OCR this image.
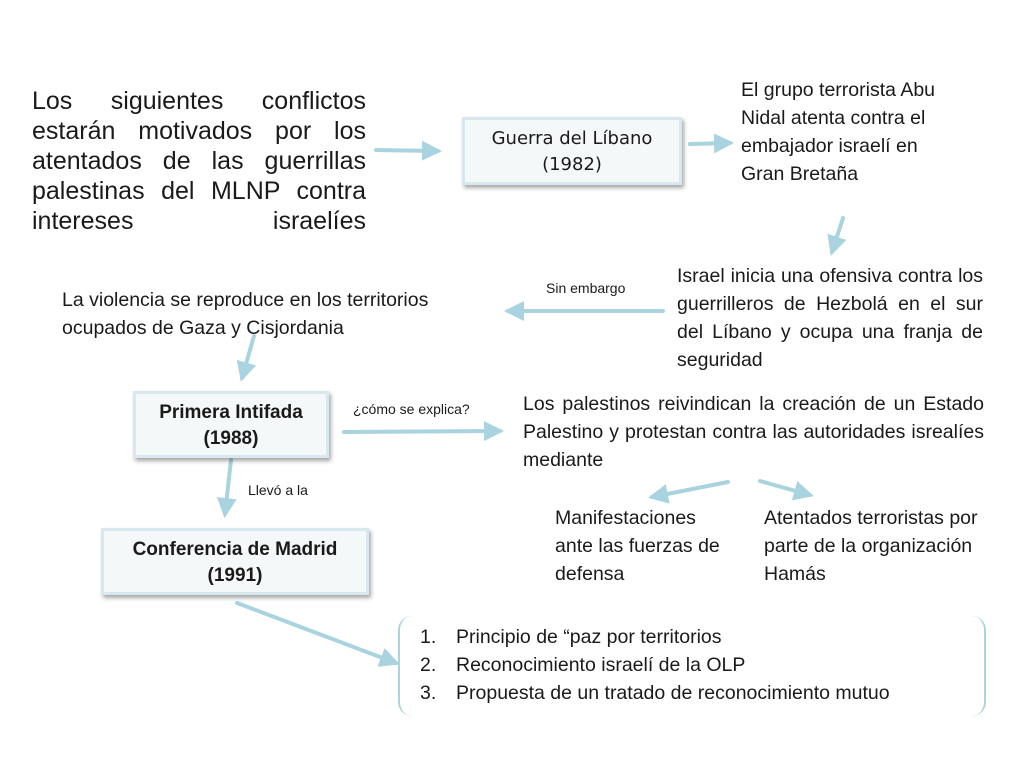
Los siguientes conflictos estarán motivados por los atentados de las guerrillas palestinas del MLNP contra intereses israelíes

Guerra del Líbano
(1982)

El grupo terrorista Abu Nidal atenta contra el embajador israelí en Gran Bretaña

Israel inicia una ofensiva contra los guerrilleros de Hezbolá en el sur del Líbano y ocupa una franja de seguridad

Sin embargo

La violencia se reproduce en los territorios ocupados de Gaza y Cisjordania

Primera Intifada
(1988)

¿cómo se explica?	Los palestinos reivindican la creación de un Estado Palestino y protestan contra las autoridades isrealíes mediante

Manifestaciones ante las fuerzas de defensa

Atentados terroristas por parte de la organización Hamás

Llevó a la

Conferencia de Madrid
(1991)
1. Principio de “paz por territorios
2. Reconocimiento israelí de la OLP
3. Propuesta de un tratado de reconocimiento mutuo
